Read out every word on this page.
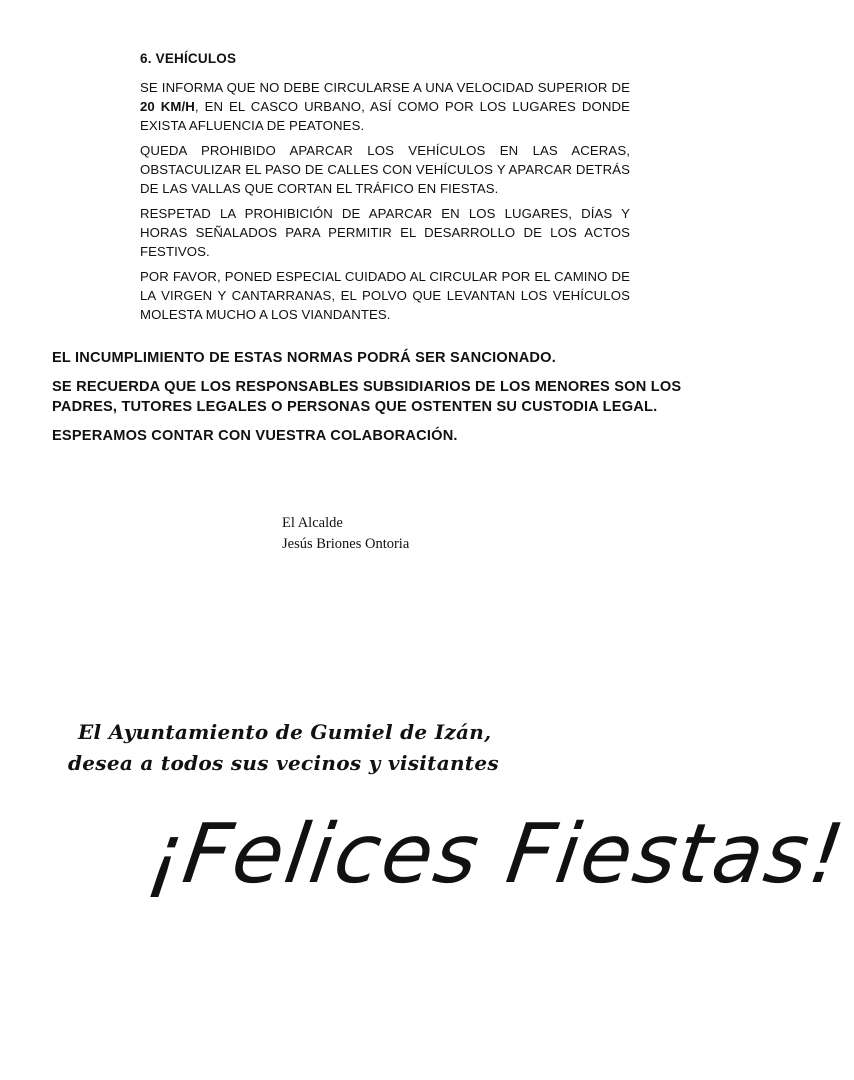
6. VEHÍCULOS
SE INFORMA QUE NO DEBE CIRCULARSE A UNA VELOCIDAD SUPERIOR DE 20 KM/H, EN EL CASCO URBANO, ASÍ COMO POR LOS LUGARES DONDE EXISTA AFLUENCIA DE PEATONES.
QUEDA PROHIBIDO APARCAR LOS VEHÍCULOS EN LAS ACERAS, OBSTACULIZAR EL PASO DE CALLES CON VEHÍCULOS Y APARCAR DETRÁS DE LAS VALLAS QUE CORTAN EL TRÁFICO EN FIESTAS.
RESPETAD LA PROHIBICIÓN DE APARCAR EN LOS LUGARES, DÍAS Y HORAS SEÑALADOS PARA PERMITIR EL DESARROLLO DE LOS ACTOS FESTIVOS.
POR FAVOR, PONED ESPECIAL CUIDADO AL CIRCULAR POR EL CAMINO DE LA VIRGEN Y CANTARRANAS, EL POLVO QUE LEVANTAN LOS VEHÍCULOS MOLESTA MUCHO A LOS VIANDANTES.
EL INCUMPLIMIENTO DE ESTAS NORMAS PODRÁ SER SANCIONADO.
SE RECUERDA QUE LOS RESPONSABLES SUBSIDIARIOS DE LOS MENORES SON LOS PADRES, TUTORES LEGALES O PERSONAS QUE OSTENTEN SU CUSTODIA LEGAL.
ESPERAMOS CONTAR CON VUESTRA COLABORACIÓN.
El Alcalde
Jesús Briones Ontoria
El Ayuntamiento de Gumiel de Izán,
desea a todos sus vecinos y visitantes
¡Felices Fiestas!
